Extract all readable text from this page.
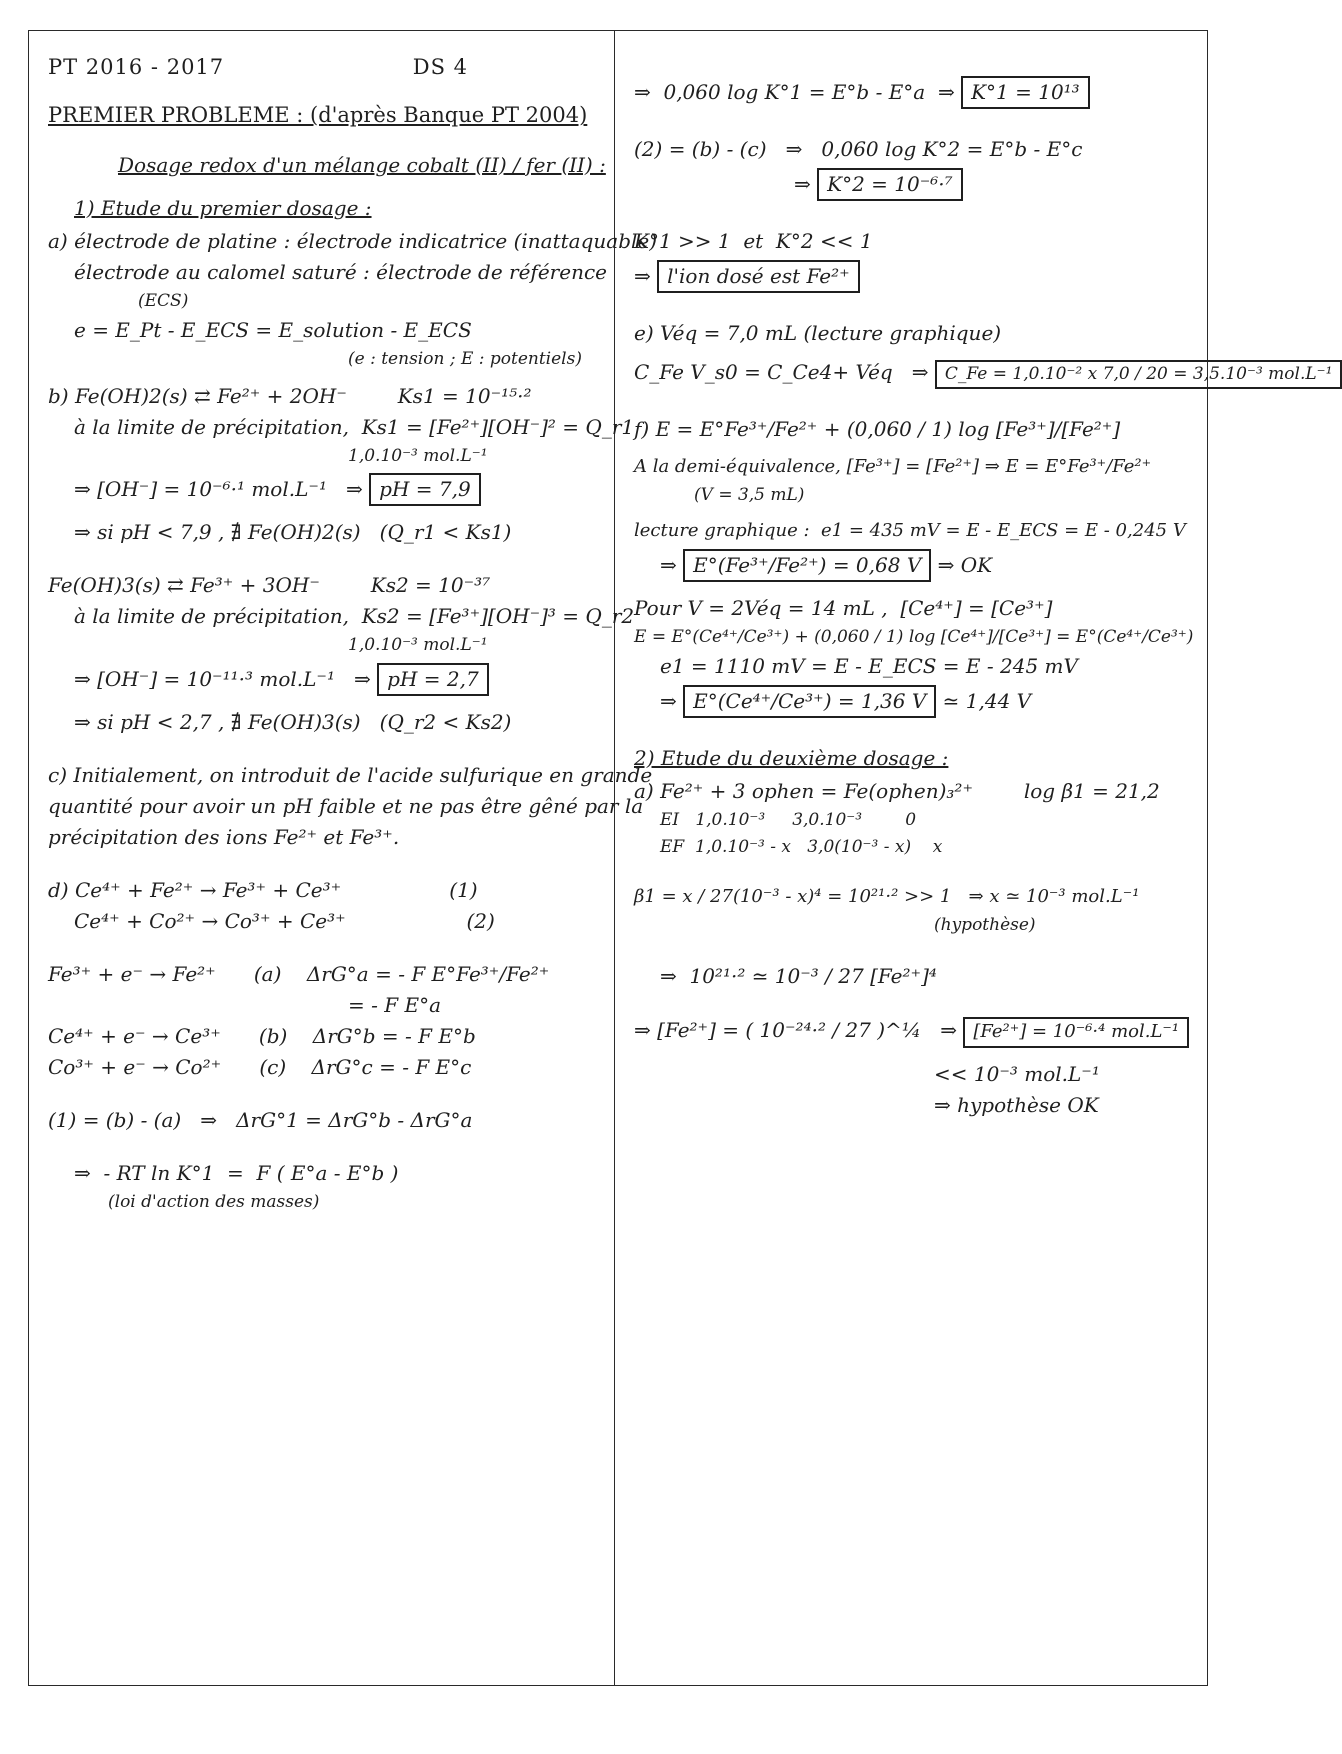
PT 2016 - 2017	DS 4
PREMIER PROBLEME : (d'après Banque PT 2004)
Dosage redox d'un mélange cobalt (II) / fer (II) :
1) Etude du premier dosage :
a) électrode de platine : électrode indicatrice (inattaquable)
électrode au calomel saturé : électrode de référence
(ECS)
e = E_Pt - E_ECS = E_solution - E_ECS
(e : tension ; E : potentiels)
b) Fe(OH)2(s) ⇄ Fe²⁺ + 2OH⁻        Ks1 = 10⁻¹⁵·²
à la limite de précipitation,  Ks1 = [Fe²⁺][OH⁻]² = Q_r1
1,0.10⁻³ mol.L⁻¹
⇒ [OH⁻] = 10⁻⁶·¹ mol.L⁻¹   ⇒ pH = 7,9
⇒ si pH < 7,9 , ∄ Fe(OH)2(s)   (Q_r1 < Ks1)
Fe(OH)3(s) ⇄ Fe³⁺ + 3OH⁻        Ks2 = 10⁻³⁷
à la limite de précipitation,  Ks2 = [Fe³⁺][OH⁻]³ = Q_r2
1,0.10⁻³ mol.L⁻¹
⇒ [OH⁻] = 10⁻¹¹·³ mol.L⁻¹   ⇒ pH = 2,7
⇒ si pH < 2,7 , ∄ Fe(OH)3(s)   (Q_r2 < Ks2)
c) Initialement, on introduit de l'acide sulfurique en grande
quantité pour avoir un pH faible et ne pas être gêné par la
précipitation des ions Fe²⁺ et Fe³⁺.
d) Ce⁴⁺ + Fe²⁺ → Fe³⁺ + Ce³⁺                 (1)
Ce⁴⁺ + Co²⁺ → Co³⁺ + Ce³⁺                   (2)
Fe³⁺ + e⁻ → Fe²⁺      (a)    ΔrG°a = - F E°Fe³⁺/Fe²⁺
= - F E°a
Ce⁴⁺ + e⁻ → Ce³⁺      (b)    ΔrG°b = - F E°b
Co³⁺ + e⁻ → Co²⁺      (c)    ΔrG°c = - F E°c
(1) = (b) - (a)   ⇒   ΔrG°1 = ΔrG°b - ΔrG°a
⇒  - RT ln K°1  =  F ( E°a - E°b )
(loi d'action des masses)
⇒  0,060 log K°1 = E°b - E°a  ⇒ K°1 = 10¹³
(2) = (b) - (c)   ⇒   0,060 log K°2 = E°b - E°c
⇒ K°2 = 10⁻⁶·⁷
K°1 >> 1  et  K°2 << 1
⇒ l'ion dosé est Fe²⁺
e) Véq = 7,0 mL (lecture graphique)
C_Fe V_s0 = C_Ce4+ Véq   ⇒ C_Fe = 1,0.10⁻² x 7,0 / 20 = 3,5.10⁻³ mol.L⁻¹
f) E = E°Fe³⁺/Fe²⁺ + (0,060 / 1) log [Fe³⁺]/[Fe²⁺]
A la demi-équivalence, [Fe³⁺] = [Fe²⁺] ⇒ E = E°Fe³⁺/Fe²⁺
(V = 3,5 mL)
lecture graphique :  e1 = 435 mV = E - E_ECS = E - 0,245 V
⇒ E°(Fe³⁺/Fe²⁺) = 0,68 V ⇒ OK
Pour V = 2Véq = 14 mL ,  [Ce⁴⁺] = [Ce³⁺]
E = E°(Ce⁴⁺/Ce³⁺) + (0,060 / 1) log [Ce⁴⁺]/[Ce³⁺] = E°(Ce⁴⁺/Ce³⁺)
e1 = 1110 mV = E - E_ECS = E - 245 mV
⇒ E°(Ce⁴⁺/Ce³⁺) = 1,36 V ≃ 1,44 V
2) Etude du deuxième dosage :
a) Fe²⁺ + 3 ophen = Fe(ophen)₃²⁺        log β1 = 21,2
EI   1,0.10⁻³     3,0.10⁻³        0
EF  1,0.10⁻³ - x   3,0(10⁻³ - x)    x
β1 = x / 27(10⁻³ - x)⁴ = 10²¹·² >> 1   ⇒ x ≃ 10⁻³ mol.L⁻¹
(hypothèse)
⇒  10²¹·² ≃ 10⁻³ / 27 [Fe²⁺]⁴
⇒ [Fe²⁺] = ( 10⁻²⁴·² / 27 )^¼   ⇒ [Fe²⁺] = 10⁻⁶·⁴ mol.L⁻¹
<< 10⁻³ mol.L⁻¹
⇒ hypothèse OK
